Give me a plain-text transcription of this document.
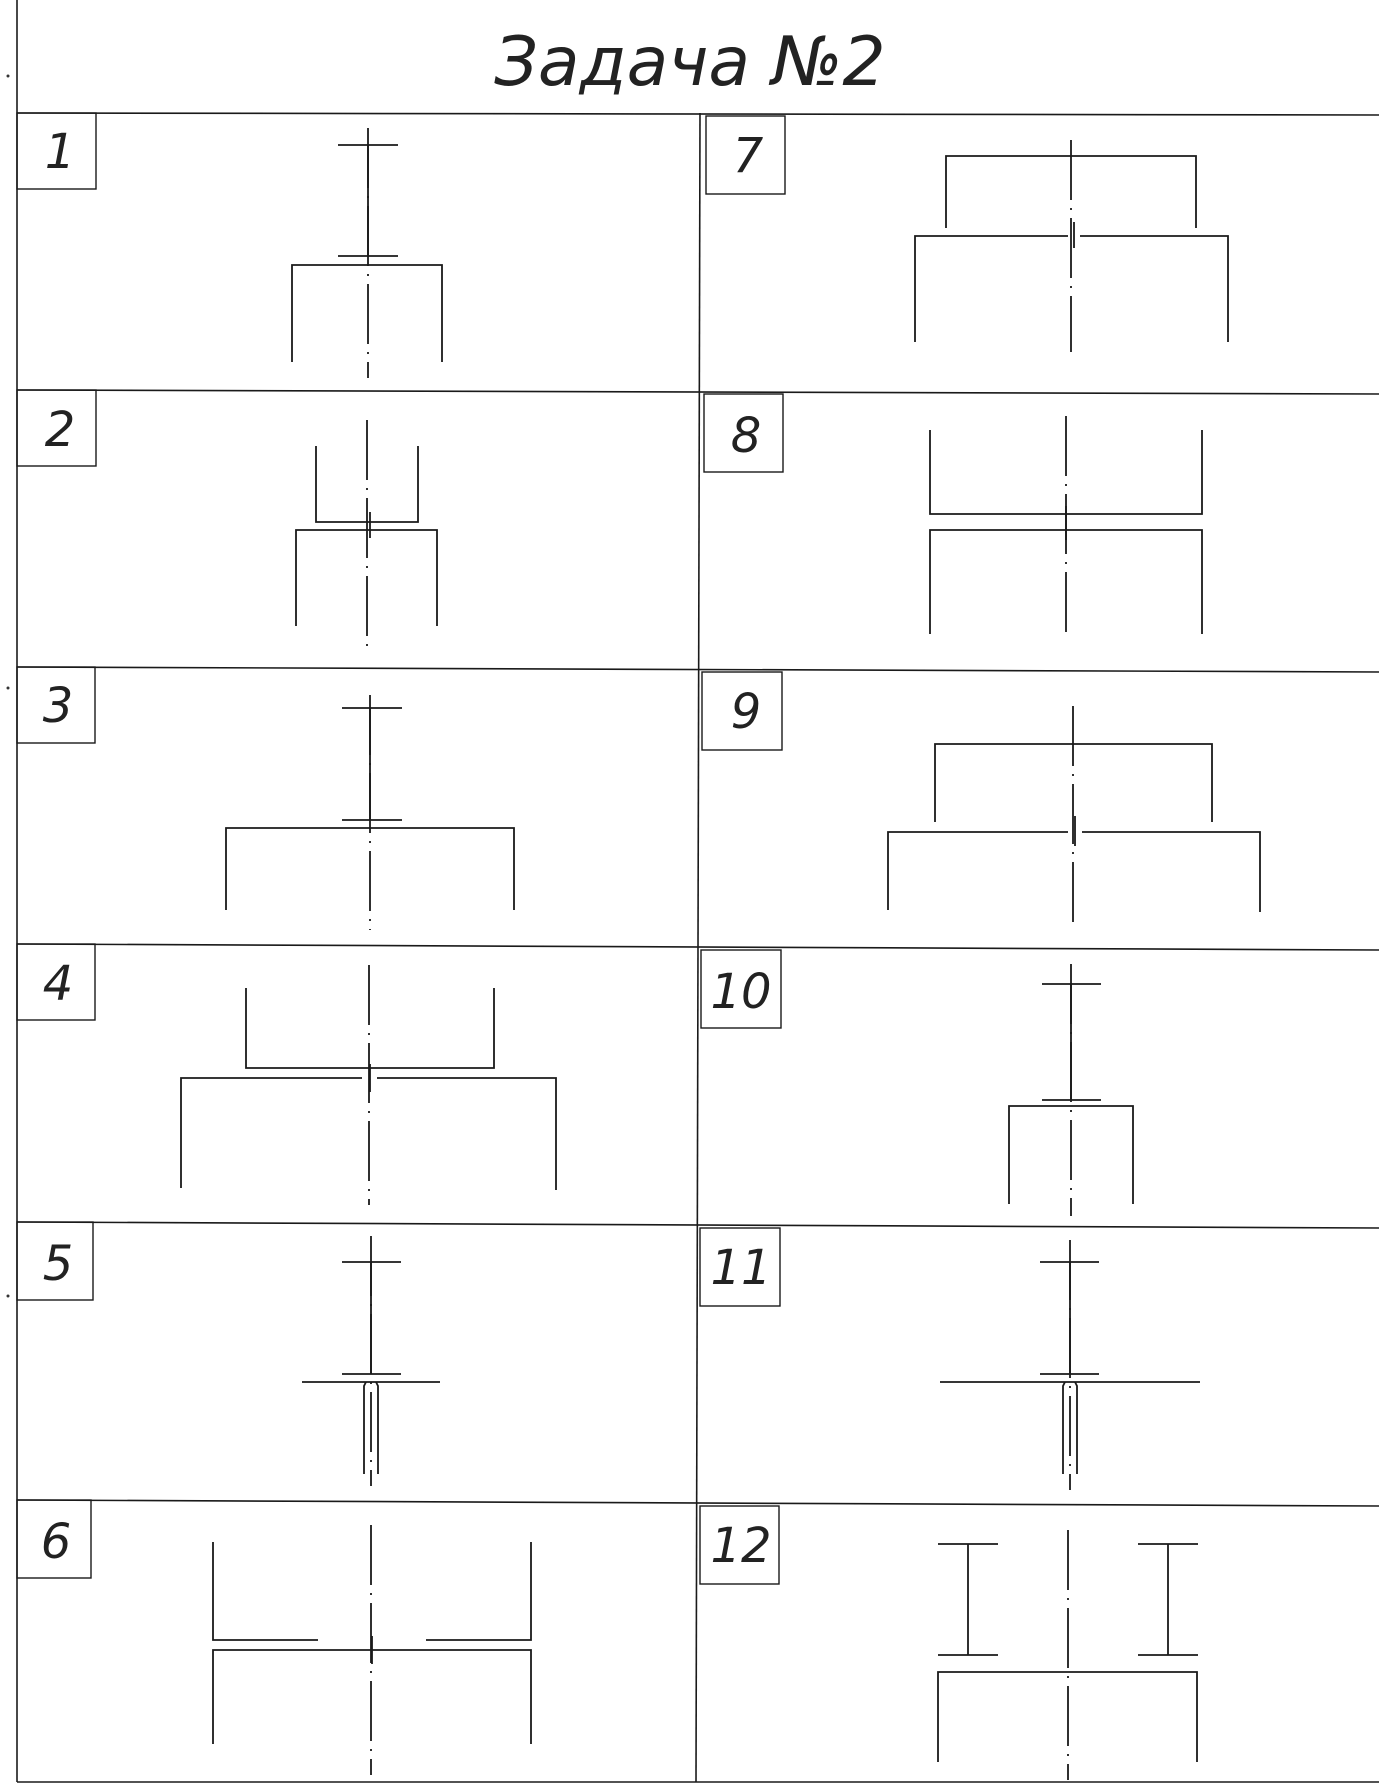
Задача №2
1	7
2	8
3	9
4	10
5	11
6	12
